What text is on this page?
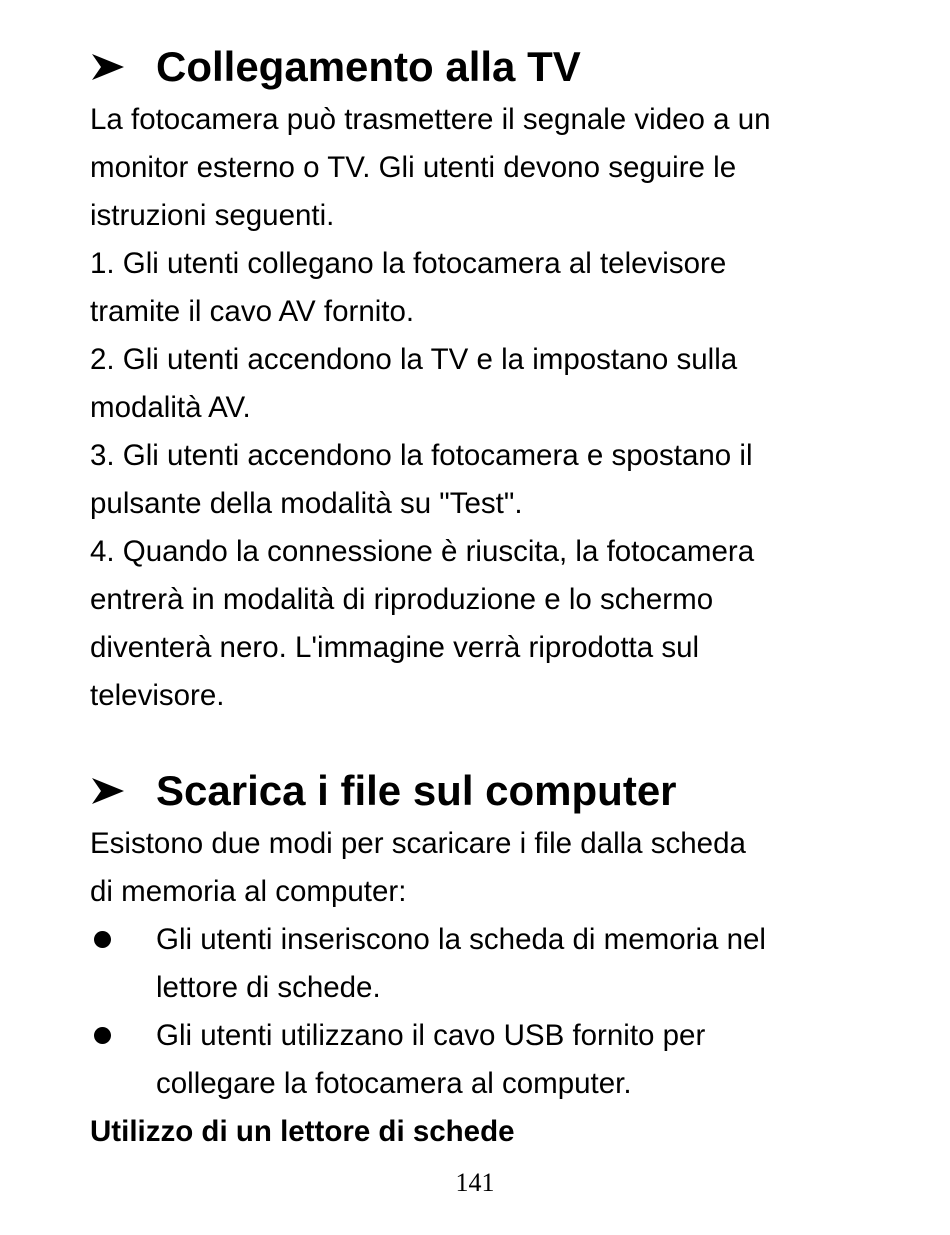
Collegamento alla TV

La fotocamera può trasmettere il segnale video a un
monitor esterno o TV. Gli utenti devono seguire le
istruzioni seguenti.

1. Gli utenti collegano la fotocamera al televisore
tramite il cavo AV fornito.

2. Gli utenti accendono la TV e la impostano sulla
modalità AV.

3. Gli utenti accendono la fotocamera e spostano il
pulsante della modalità su "Test".

4. Quando la connessione è riuscita, la fotocamera
entrerà in modalità di riproduzione e lo schermo
diventerà nero. L'immagine verrà riprodotta sul
televisore.

Scarica i file sul computer

Esistono due modi per scaricare i file dalla scheda
di memoria al computer:

Gli utenti inseriscono la scheda di memoria nel
lettore di schede.
Gli utenti utilizzano il cavo USB fornito per
collegare la fotocamera al computer.
Utilizzo di un lettore di schede
141
